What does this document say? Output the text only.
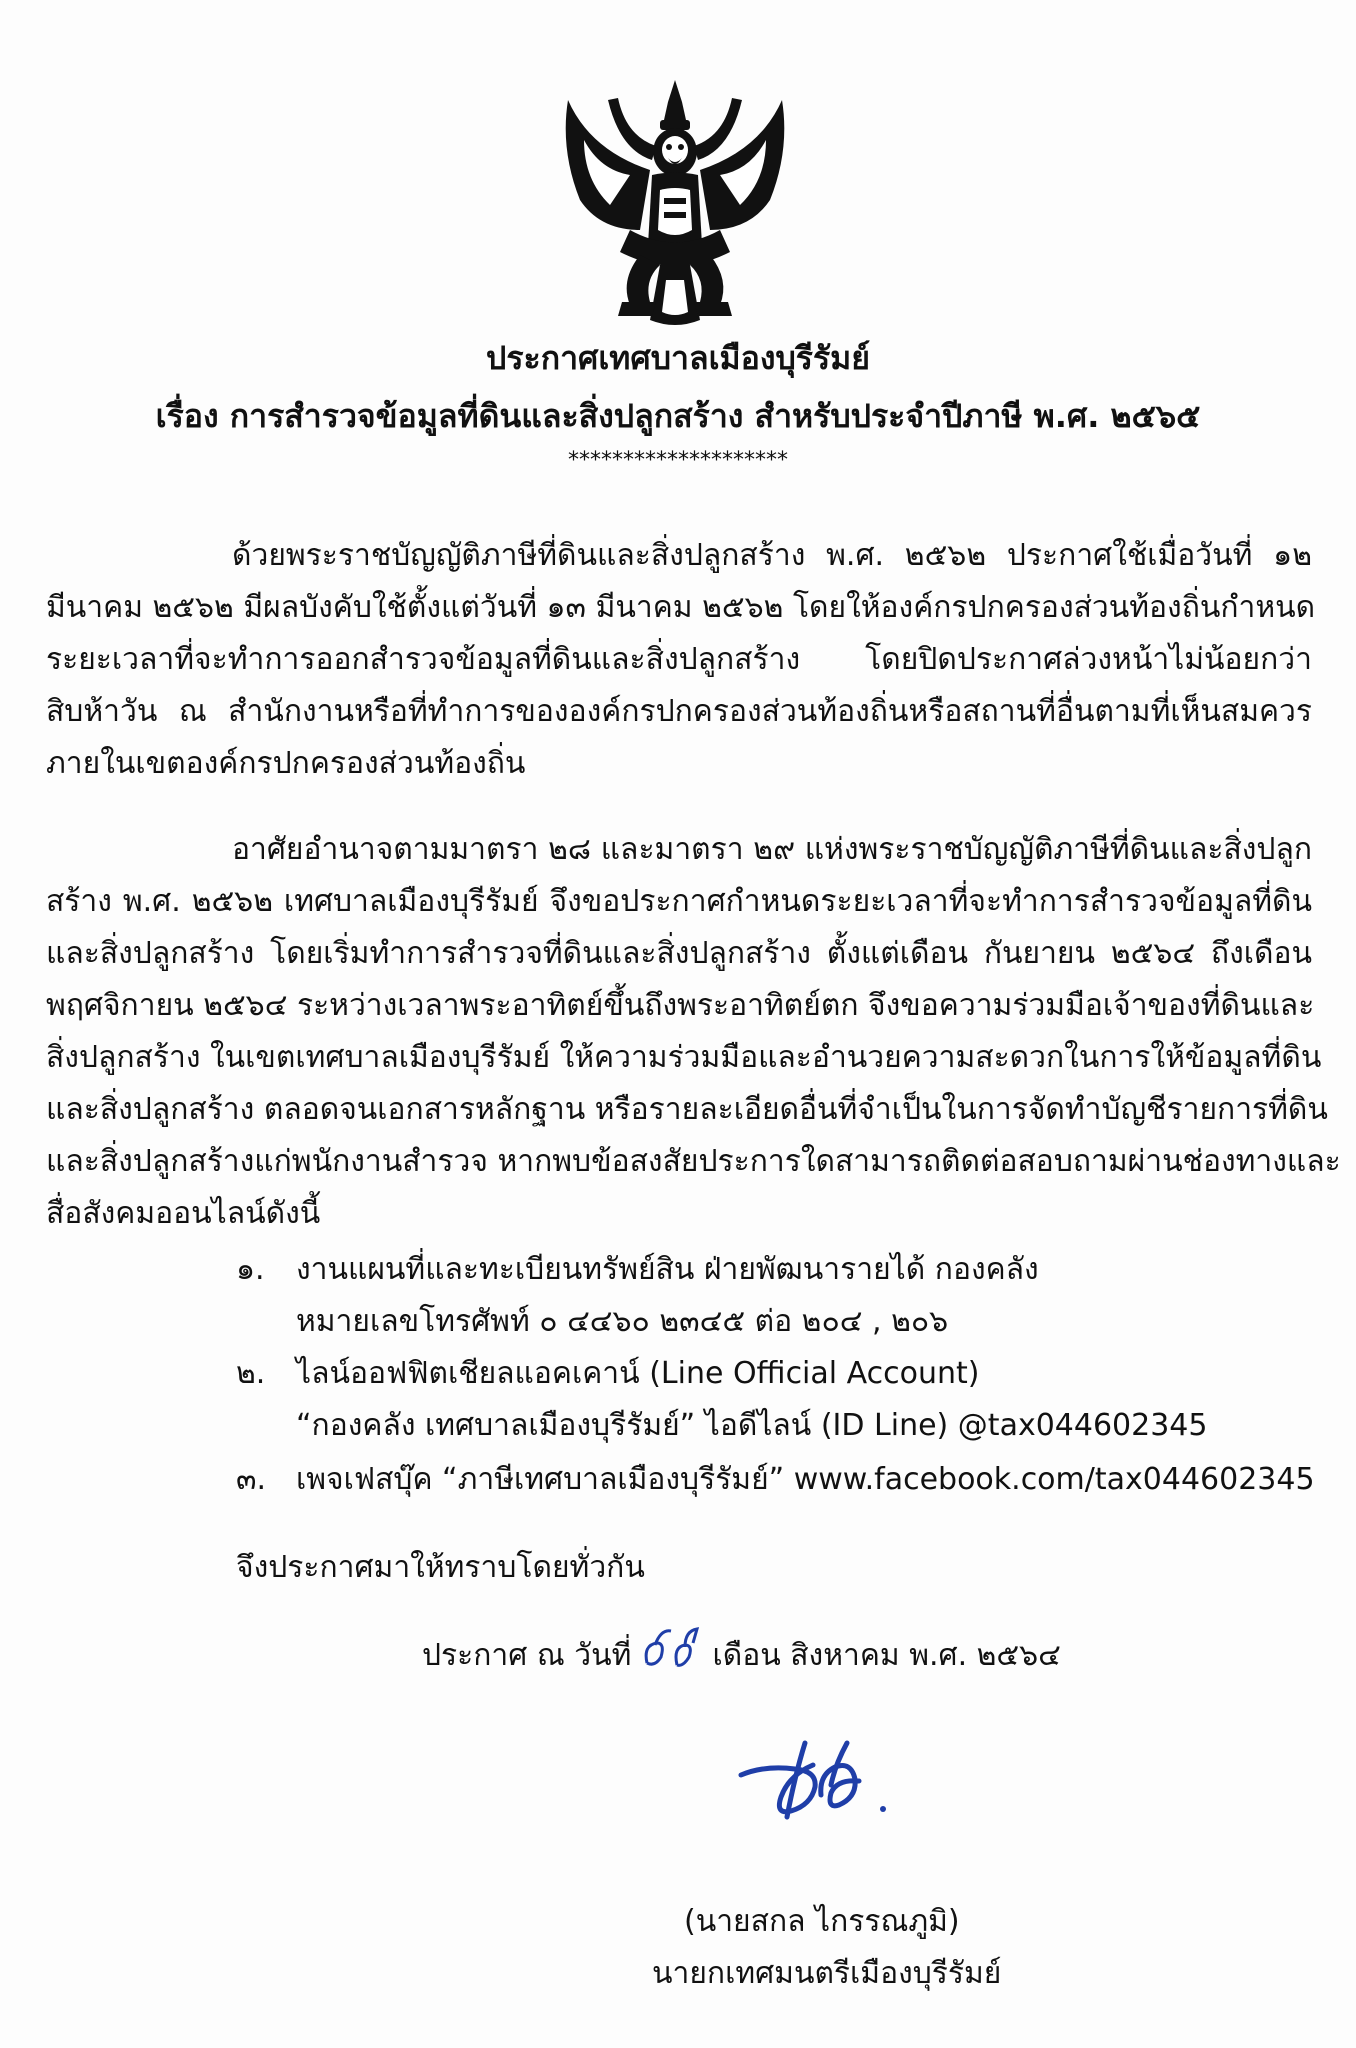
ประกาศเทศบาลเมืองบุรีรัมย์
เรื่อง การสำรวจข้อมูลที่ดินและสิ่งปลูกสร้าง สำหรับประจำปีภาษี พ.ศ. ๒๕๖๕
********************
ด้วยพระราชบัญญัติภาษีที่ดินและสิ่งปลูกสร้าง พ.ศ. ๒๕๖๒ ประกาศใช้เมื่อวันที่ ๑๒
มีนาคม ๒๕๖๒ มีผลบังคับใช้ตั้งแต่วันที่ ๑๓ มีนาคม ๒๕๖๒ โดยให้องค์กรปกครองส่วนท้องถิ่นกำหนด
ระยะเวลาที่จะทำการออกสำรวจข้อมูลที่ดินและสิ่งปลูกสร้าง โดยปิดประกาศล่วงหน้าไม่น้อยกว่า
สิบห้าวัน ณ สำนักงานหรือที่ทำการขององค์กรปกครองส่วนท้องถิ่นหรือสถานที่อื่นตามที่เห็นสมควร
ภายในเขตองค์กรปกครองส่วนท้องถิ่น
อาศัยอำนาจตามมาตรา ๒๘ และมาตรา ๒๙ แห่งพระราชบัญญัติภาษีที่ดินและสิ่งปลูก
สร้าง พ.ศ. ๒๕๖๒ เทศบาลเมืองบุรีรัมย์ จึงขอประกาศกำหนดระยะเวลาที่จะทำการสำรวจข้อมูลที่ดิน
และสิ่งปลูกสร้าง โดยเริ่มทำการสำรวจที่ดินและสิ่งปลูกสร้าง ตั้งแต่เดือน กันยายน ๒๕๖๔ ถึงเดือน
พฤศจิกายน ๒๕๖๔ ระหว่างเวลาพระอาทิตย์ขึ้นถึงพระอาทิตย์ตก จึงขอความร่วมมือเจ้าของที่ดินและ
สิ่งปลูกสร้าง ในเขตเทศบาลเมืองบุรีรัมย์ ให้ความร่วมมือและอำนวยความสะดวกในการให้ข้อมูลที่ดิน
และสิ่งปลูกสร้าง ตลอดจนเอกสารหลักฐาน หรือรายละเอียดอื่นที่จำเป็นในการจัดทำบัญชีรายการที่ดิน
และสิ่งปลูกสร้างแก่พนักงานสำรวจ หากพบข้อสงสัยประการใดสามารถติดต่อสอบถามผ่านช่องทางและ
สื่อสังคมออนไลน์ดังนี้
๑. งานแผนที่และทะเบียนทรัพย์สิน ฝ่ายพัฒนารายได้ กองคลัง
หมายเลขโทรศัพท์ ๐ ๔๔๖๐ ๒๓๔๕ ต่อ ๒๐๔ , ๒๐๖
๒. ไลน์ออฟฟิตเชียลแอคเคาน์ (Line Official Account)
“กองคลัง เทศบาลเมืองบุรีรัมย์” ไอดีไลน์ (ID Line) @tax044602345
๓. เพจเฟสบุ๊ค “ภาษีเทศบาลเมืองบุรีรัมย์” www.facebook.com/tax044602345
จึงประกาศมาให้ทราบโดยทั่วกัน
ประกาศ ณ วันที่	เดือน สิงหาคม พ.ศ. ๒๕๖๔
(นายสกล ไกรรณภูมิ)
นายกเทศมนตรีเมืองบุรีรัมย์
